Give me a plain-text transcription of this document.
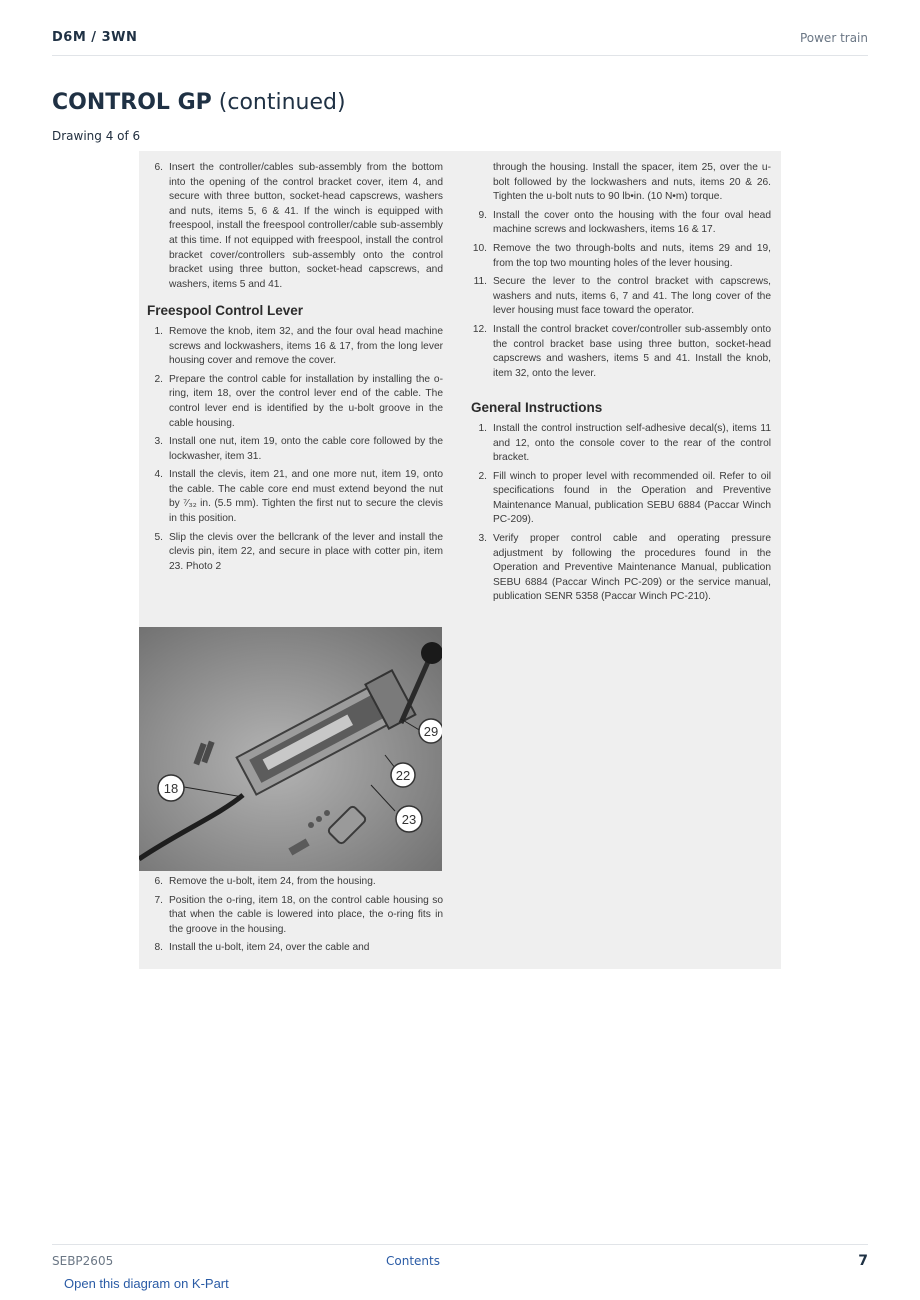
D6M / 3WN	Power train
CONTROL GP (continued)
Drawing 4 of 6
6. Insert the controller/cables sub-assembly from the bottom into the opening of the control bracket cover, item 4, and secure with three button, socket-head capscrews, washers and nuts, items 5, 6 & 41. If the winch is equipped with freespool, install the freespool controller/cable sub-assembly at this time. If not equipped with freespool, install the control bracket cover/controllers sub-assembly onto the control bracket using three button, socket-head capscrews, and washers, items 5 and 41.
Freespool Control Lever
1. Remove the knob, item 32, and the four oval head machine screws and lockwashers, items 16 & 17, from the long lever housing cover and remove the cover.
2. Prepare the control cable for installation by installing the o-ring, item 18, over the control lever end of the cable. The control lever end is identified by the u-bolt groove in the cable housing.
3. Install one nut, item 19, onto the cable core followed by the lockwasher, item 31.
4. Install the clevis, item 21, and one more nut, item 19, onto the cable. The cable core end must extend beyond the nut by ⁷⁄₃₂ in. (5.5 mm). Tighten the first nut to secure the clevis in this position.
5. Slip the clevis over the bellcrank of the lever and install the clevis pin, item 22, and secure in place with cotter pin, item 23. Photo 2
29
22
18
23
6. Remove the u-bolt, item 24, from the housing.
7. Position the o-ring, item 18, on the control cable housing so that when the cable is lowered into place, the o-ring fits in the groove in the housing.
8. Install the u-bolt, item 24, over the cable and
through the housing. Install the spacer, item 25, over the u-bolt followed by the lockwashers and nuts, items 20 & 26. Tighten the u-bolt nuts to 90 lb•in. (10 N•m) torque.
9. Install the cover onto the housing with the four oval head machine screws and lockwashers, items 16 & 17.
10. Remove the two through-bolts and nuts, items 29 and 19, from the top two mounting holes of the lever housing.
11. Secure the lever to the control bracket with capscrews, washers and nuts, items 6, 7 and 41. The long cover of the lever housing must face toward the operator.
12. Install the control bracket cover/controller sub-assembly onto the control bracket base using three button, socket-head capscrews and washers, items 5 and 41. Install the knob, item 32, onto the lever.
General Instructions
1. Install the control instruction self-adhesive decal(s), items 11 and 12, onto the console cover to the rear of the control bracket.
2. Fill winch to proper level with recommended oil. Refer to oil specifications found in the Operation and Preventive Maintenance Manual, publication SEBU 6884 (Paccar Winch PC-209).
3. Verify proper control cable and operating pressure adjustment by following the procedures found in the Operation and Preventive Maintenance Manual, publication SEBU 6884 (Paccar Winch PC-209) or the service manual, publication SENR 5358 (Paccar Winch PC-210).
SEBP2605	Contents	7
Open this diagram on K-Part
